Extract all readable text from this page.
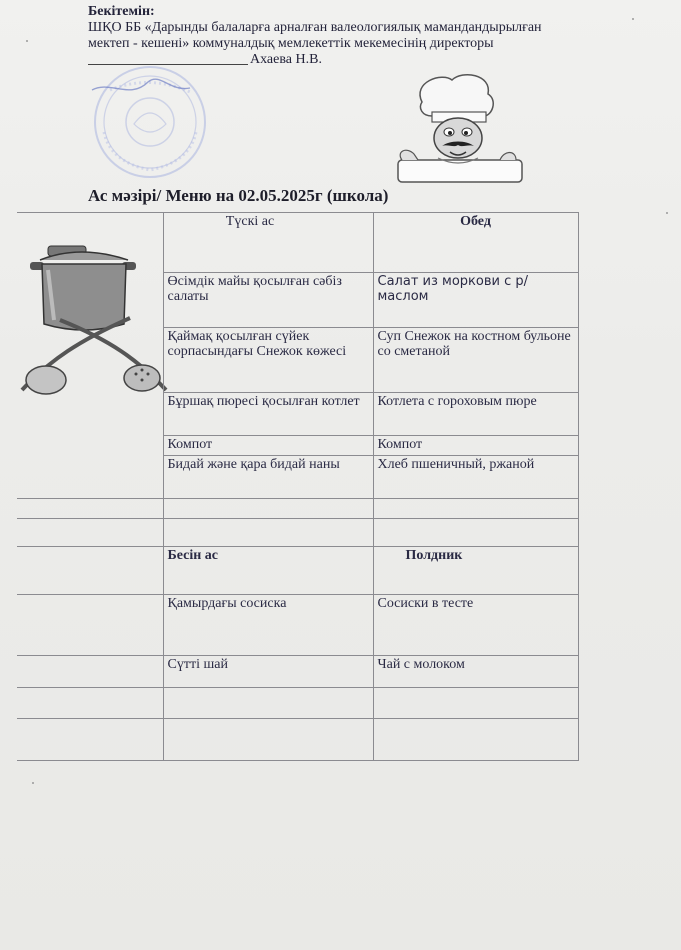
Бекітемін:
ШҚО ББ «Дарынды балаларға арналған валеологиялық мамандандырылған
мектеп - кешені» коммуналдық мемлекеттік мекемесінің директоры
Ахаева Н.В.
Ас мәзірі/ Меню на 02.05.2025г (школа)
	Түскі ас	Обед
	Өсімдік майы қосылған сәбіз салаты	Салат из моркови с р/маслом
	Қаймақ қосылған сүйек сорпасындағы Снежок көжесі	Суп Снежок на костном бульоне со сметаной
	Бұршақ пюресі қосылған котлет	Котлета с гороховым пюре
	Компот	Компот
	Бидай және қара бидай наны	Хлеб пшеничный, ржаной

	Бесін ас	Полдник
	Қамырдағы сосиска	Сосиски в тесте
	Сүтті шай	Чай с молоком
